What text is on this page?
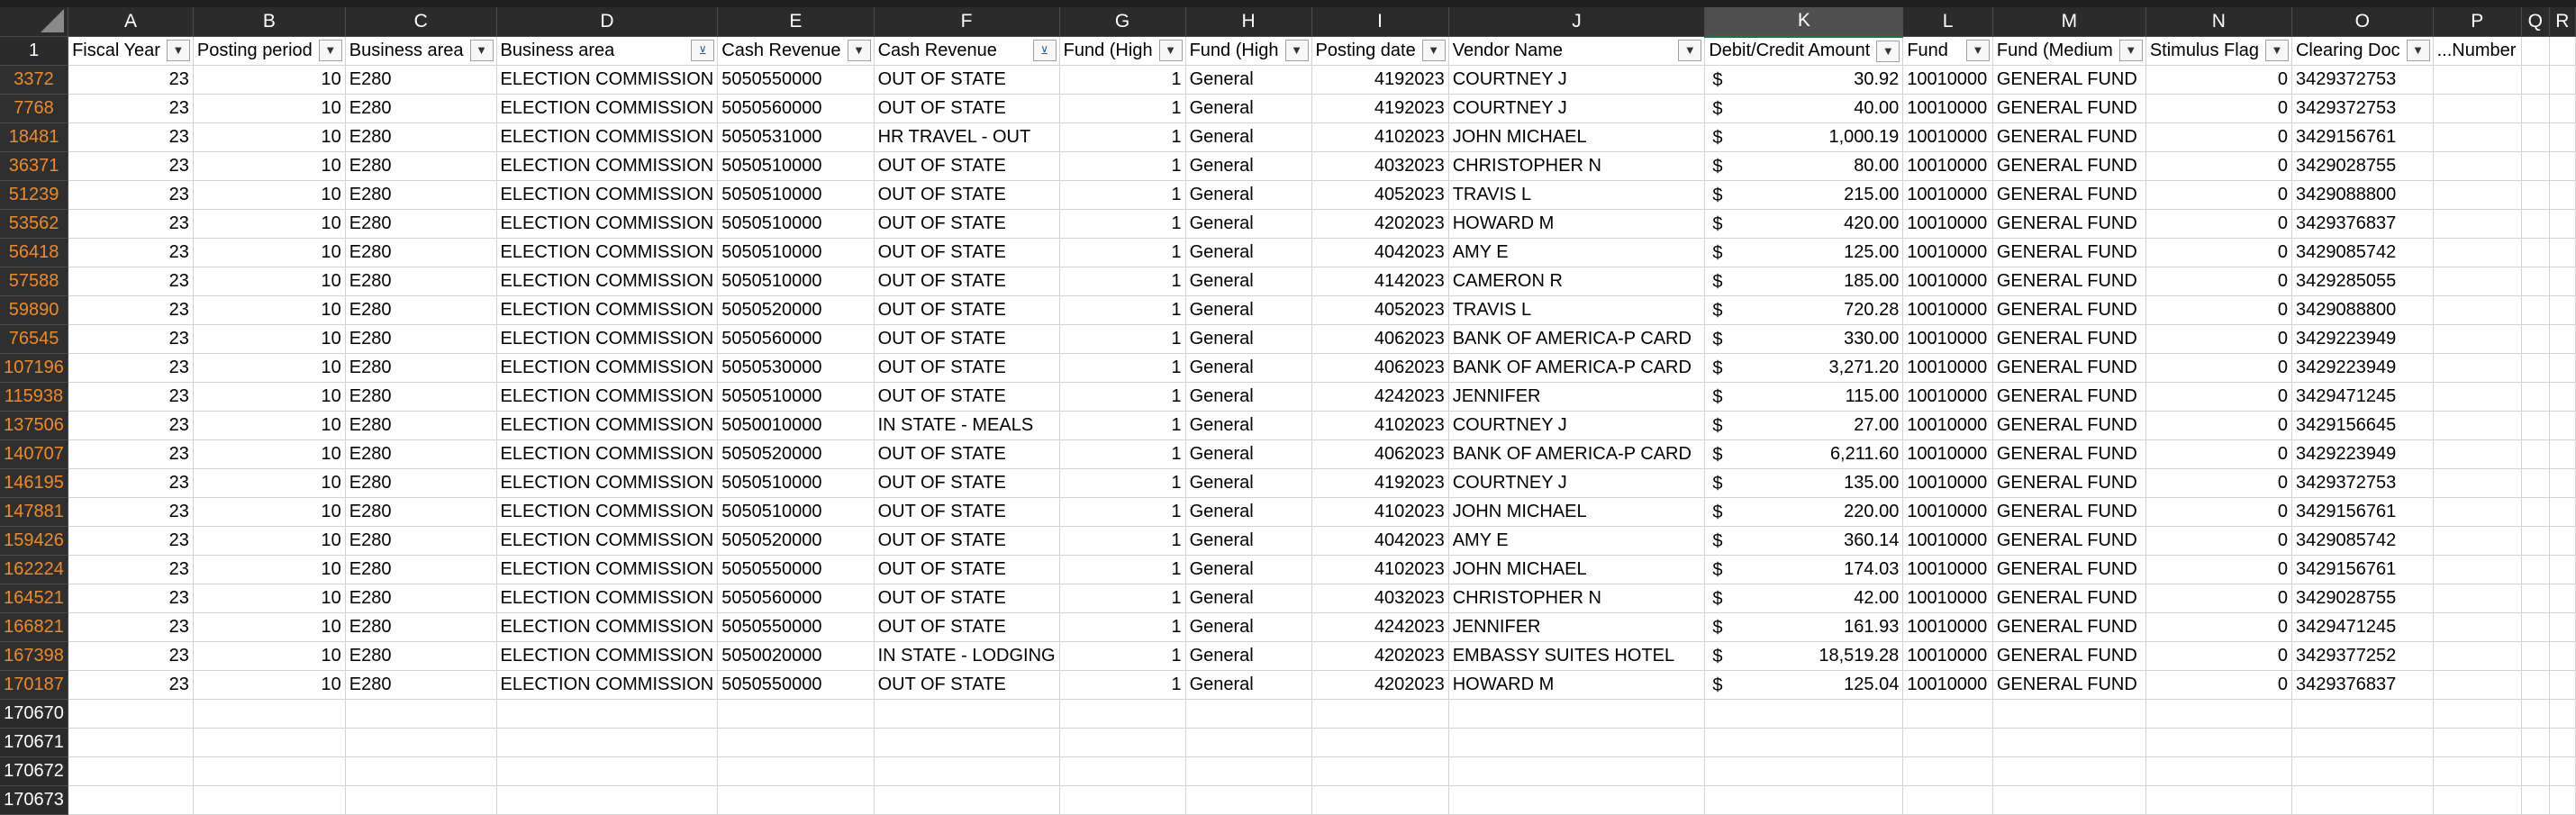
	A	B	C	D	E	F	G	H	I	J	K	L	M	N	O	P	Q	R
1	Fiscal Year ▼	Posting period ▼	Business area ▼	Business area ⊻	Cash Revenue ▼	Cash Revenue ⊻	Fund (High ▼	Fund (High ▼	Posting date ▼	Vendor Name ▼	Debit/Credit Amount ▼	Fund ▼	Fund (Medium ▼	Stimulus Flag ▼	Clearing Doc ▼	...Number		
3372	23	10	E280	ELECTION COMMISSION	5050550000	OUT OF STATE	1	General	4192023	COURTNEY J	$ 30.92	10010000	GENERAL FUND	0	3429372753			

7768	23	10	E280	ELECTION COMMISSION	5050560000	OUT OF STATE	1	General	4192023	COURTNEY J	$ 40.00	10010000	GENERAL FUND	0	3429372753			

18481	23	10	E280	ELECTION COMMISSION	5050531000	HR TRAVEL - OUT	1	General	4102023	JOHN MICHAEL	$ 1,000.19	10010000	GENERAL FUND	0	3429156761			

36371	23	10	E280	ELECTION COMMISSION	5050510000	OUT OF STATE	1	General	4032023	CHRISTOPHER N	$ 80.00	10010000	GENERAL FUND	0	3429028755			

51239	23	10	E280	ELECTION COMMISSION	5050510000	OUT OF STATE	1	General	4052023	TRAVIS L	$ 215.00	10010000	GENERAL FUND	0	3429088800			

53562	23	10	E280	ELECTION COMMISSION	5050510000	OUT OF STATE	1	General	4202023	HOWARD M	$ 420.00	10010000	GENERAL FUND	0	3429376837			

56418	23	10	E280	ELECTION COMMISSION	5050510000	OUT OF STATE	1	General	4042023	AMY E	$ 125.00	10010000	GENERAL FUND	0	3429085742			

57588	23	10	E280	ELECTION COMMISSION	5050510000	OUT OF STATE	1	General	4142023	CAMERON R	$ 185.00	10010000	GENERAL FUND	0	3429285055			

59890	23	10	E280	ELECTION COMMISSION	5050520000	OUT OF STATE	1	General	4052023	TRAVIS L	$ 720.28	10010000	GENERAL FUND	0	3429088800			

76545	23	10	E280	ELECTION COMMISSION	5050560000	OUT OF STATE	1	General	4062023	BANK OF AMERICA-P CARD	$ 330.00	10010000	GENERAL FUND	0	3429223949			

107196	23	10	E280	ELECTION COMMISSION	5050530000	OUT OF STATE	1	General	4062023	BANK OF AMERICA-P CARD	$ 3,271.20	10010000	GENERAL FUND	0	3429223949			

115938	23	10	E280	ELECTION COMMISSION	5050510000	OUT OF STATE	1	General	4242023	JENNIFER	$ 115.00	10010000	GENERAL FUND	0	3429471245			

137506	23	10	E280	ELECTION COMMISSION	5050010000	IN STATE - MEALS	1	General	4102023	COURTNEY J	$ 27.00	10010000	GENERAL FUND	0	3429156645			

140707	23	10	E280	ELECTION COMMISSION	5050520000	OUT OF STATE	1	General	4062023	BANK OF AMERICA-P CARD	$ 6,211.60	10010000	GENERAL FUND	0	3429223949			

146195	23	10	E280	ELECTION COMMISSION	5050510000	OUT OF STATE	1	General	4192023	COURTNEY J	$ 135.00	10010000	GENERAL FUND	0	3429372753			

147881	23	10	E280	ELECTION COMMISSION	5050510000	OUT OF STATE	1	General	4102023	JOHN MICHAEL	$ 220.00	10010000	GENERAL FUND	0	3429156761			

159426	23	10	E280	ELECTION COMMISSION	5050520000	OUT OF STATE	1	General	4042023	AMY E	$ 360.14	10010000	GENERAL FUND	0	3429085742			

162224	23	10	E280	ELECTION COMMISSION	5050550000	OUT OF STATE	1	General	4102023	JOHN MICHAEL	$ 174.03	10010000	GENERAL FUND	0	3429156761			

164521	23	10	E280	ELECTION COMMISSION	5050560000	OUT OF STATE	1	General	4032023	CHRISTOPHER N	$ 42.00	10010000	GENERAL FUND	0	3429028755			

166821	23	10	E280	ELECTION COMMISSION	5050550000	OUT OF STATE	1	General	4242023	JENNIFER	$ 161.93	10010000	GENERAL FUND	0	3429471245			

167398	23	10	E280	ELECTION COMMISSION	5050020000	IN STATE - LODGING	1	General	4202023	EMBASSY SUITES HOTEL	$ 18,519.28	10010000	GENERAL FUND	0	3429377252			

170187	23	10	E280	ELECTION COMMISSION	5050550000	OUT OF STATE	1	General	4202023	HOWARD M	$ 125.04	10010000	GENERAL FUND	0	3429376837			

170670																		
170671																		
170672																		
170673																		
